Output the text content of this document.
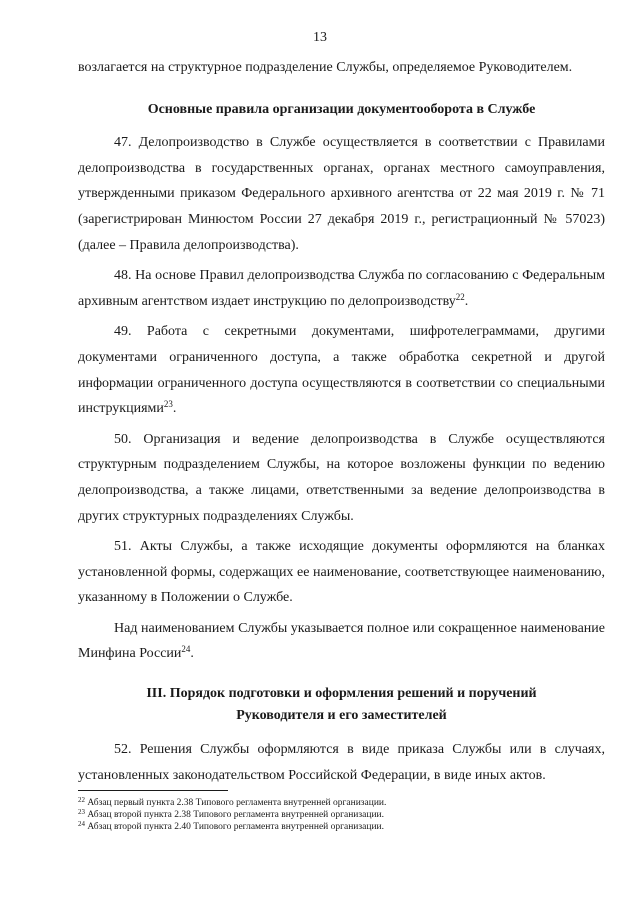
13

возлагается на структурное подразделение Службы, определяемое Руководителем.

Основные правила организации документооборота в Службе

47. Делопроизводство в Службе осуществляется в соответствии с Правилами делопроизводства в государственных органах, органах местного самоуправления, утвержденными приказом Федерального архивного агентства от 22 мая 2019 г. № 71 (зарегистрирован Минюстом России 27 декабря 2019 г., регистрационный № 57023) (далее – Правила делопроизводства).

48. На основе Правил делопроизводства Служба по согласованию с Федеральным архивным агентством издает инструкцию по делопроизводству$^{22}$.

49. Работа с секретными документами, шифротелеграммами, другими документами ограниченного доступа, а также обработка секретной и другой информации ограниченного доступа осуществляются в соответствии со специальными инструкциями$^{23}$.

50. Организация и ведение делопроизводства в Службе осуществляются структурным подразделением Службы, на которое возложены функции по ведению делопроизводства, а также лицами, ответственными за ведение делопроизводства в других структурных подразделениях Службы.

51. Акты Службы, а также исходящие документы оформляются на бланках установленной формы, содержащих ее наименование, соответствующее наименованию, указанному в Положении о Службе.

Над наименованием Службы указывается полное или сокращенное наименование Минфина России$^{24}$.

III. Порядок подготовки и оформления решений и поручений
Руководителя и его заместителей

52. Решения Службы оформляются в виде приказа Службы или в случаях, установленных законодательством Российской Федерации, в виде иных актов.

$^{22}$ Абзац первый пункта 2.38 Типового регламента внутренней организации.
$^{23}$ Абзац второй пункта 2.38 Типового регламента внутренней организации.
$^{24}$ Абзац второй пункта 2.40 Типового регламента внутренней организации.
